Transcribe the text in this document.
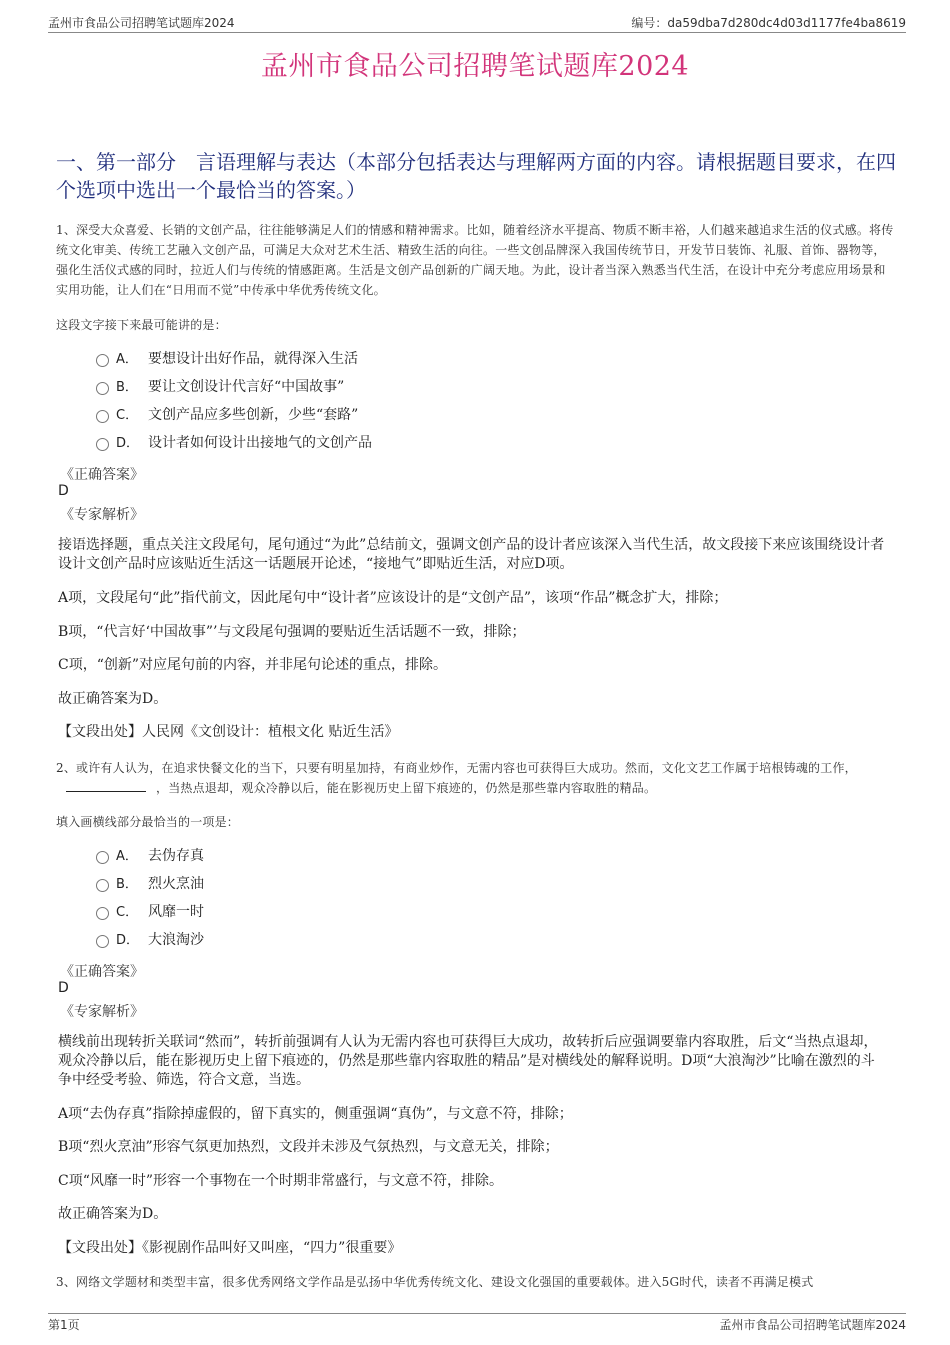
孟州市食品公司招聘笔试题库2024	编号：da59dba7d280dc4d03d1177fe4ba8619
孟州市食品公司招聘笔试题库2024
一、第一部分　言语理解与表达（本部分包括表达与理解两方面的内容。请根据题目要求，在四个选项中选出一个最恰当的答案。）
1、深受大众喜爱、长销的文创产品，往往能够满足人们的情感和精神需求。比如，随着经济水平提高、物质不断丰裕，人们越来越追求生活的仪式感。将传统文化审美、传统工艺融入文创产品，可满足大众对艺术生活、精致生活的向往。一些文创品牌深入我国传统节日，开发节日装饰、礼服、首饰、器物等，强化生活仪式感的同时，拉近人们与传统的情感距离。生活是文创产品创新的广阔天地。为此，设计者当深入熟悉当代生活，在设计中充分考虑应用场景和实用功能，让人们在“日用而不觉”中传承中华优秀传统文化。
这段文字接下来最可能讲的是：
A． 要想设计出好作品，就得深入生活
B． 要让文创设计代言好“中国故事”
C． 文创产品应多些创新，少些“套路”
D． 设计者如何设计出接地气的文创产品
《正确答案》
D
《专家解析》
接语选择题，重点关注文段尾句，尾句通过“为此”总结前文，强调文创产品的设计者应该深入当代生活，故文段接下来应该围绕设计者设计文创产品时应该贴近生活这一话题展开论述，“接地气”即贴近生活，对应D项。
A项，文段尾句“此”指代前文，因此尾句中“设计者”应该设计的是“文创产品”，该项“作品”概念扩大，排除；
B项，“代言好‘中国故事”’与文段尾句强调的要贴近生活话题不一致，排除；
C项，“创新”对应尾句前的内容，并非尾句论述的重点，排除。
故正确答案为D。
【文段出处】人民网《文创设计：植根文化 贴近生活》
2、或许有人认为，在追求快餐文化的当下，只要有明星加持，有商业炒作，无需内容也可获得巨大成功。然而，文化文艺工作属于培根铸魂的工作，，当热点退却，观众冷静以后，能在影视历史上留下痕迹的，仍然是那些靠内容取胜的精品。
填入画横线部分最恰当的一项是：
A． 去伪存真
B． 烈火烹油
C． 风靡一时
D． 大浪淘沙
《正确答案》
D
《专家解析》
横线前出现转折关联词“然而”，转折前强调有人认为无需内容也可获得巨大成功，故转折后应强调要靠内容取胜，后文“当热点退却，观众冷静以后，能在影视历史上留下痕迹的，仍然是那些靠内容取胜的精品”是对横线处的解释说明。D项“大浪淘沙”比喻在激烈的斗争中经受考验、筛选，符合文意，当选。
A项“去伪存真”指除掉虚假的，留下真实的，侧重强调“真伪”，与文意不符，排除；
B项“烈火烹油”形容气氛更加热烈，文段并未涉及气氛热烈，与文意无关，排除；
C项“风靡一时”形容一个事物在一个时期非常盛行，与文意不符，排除。
故正确答案为D。
【文段出处】《影视剧作品叫好又叫座，“四力”很重要》
3、网络文学题材和类型丰富，很多优秀网络文学作品是弘扬中华优秀传统文化、建设文化强国的重要载体。进入5G时代，读者不再满足模式
第1页	孟州市食品公司招聘笔试题库2024
